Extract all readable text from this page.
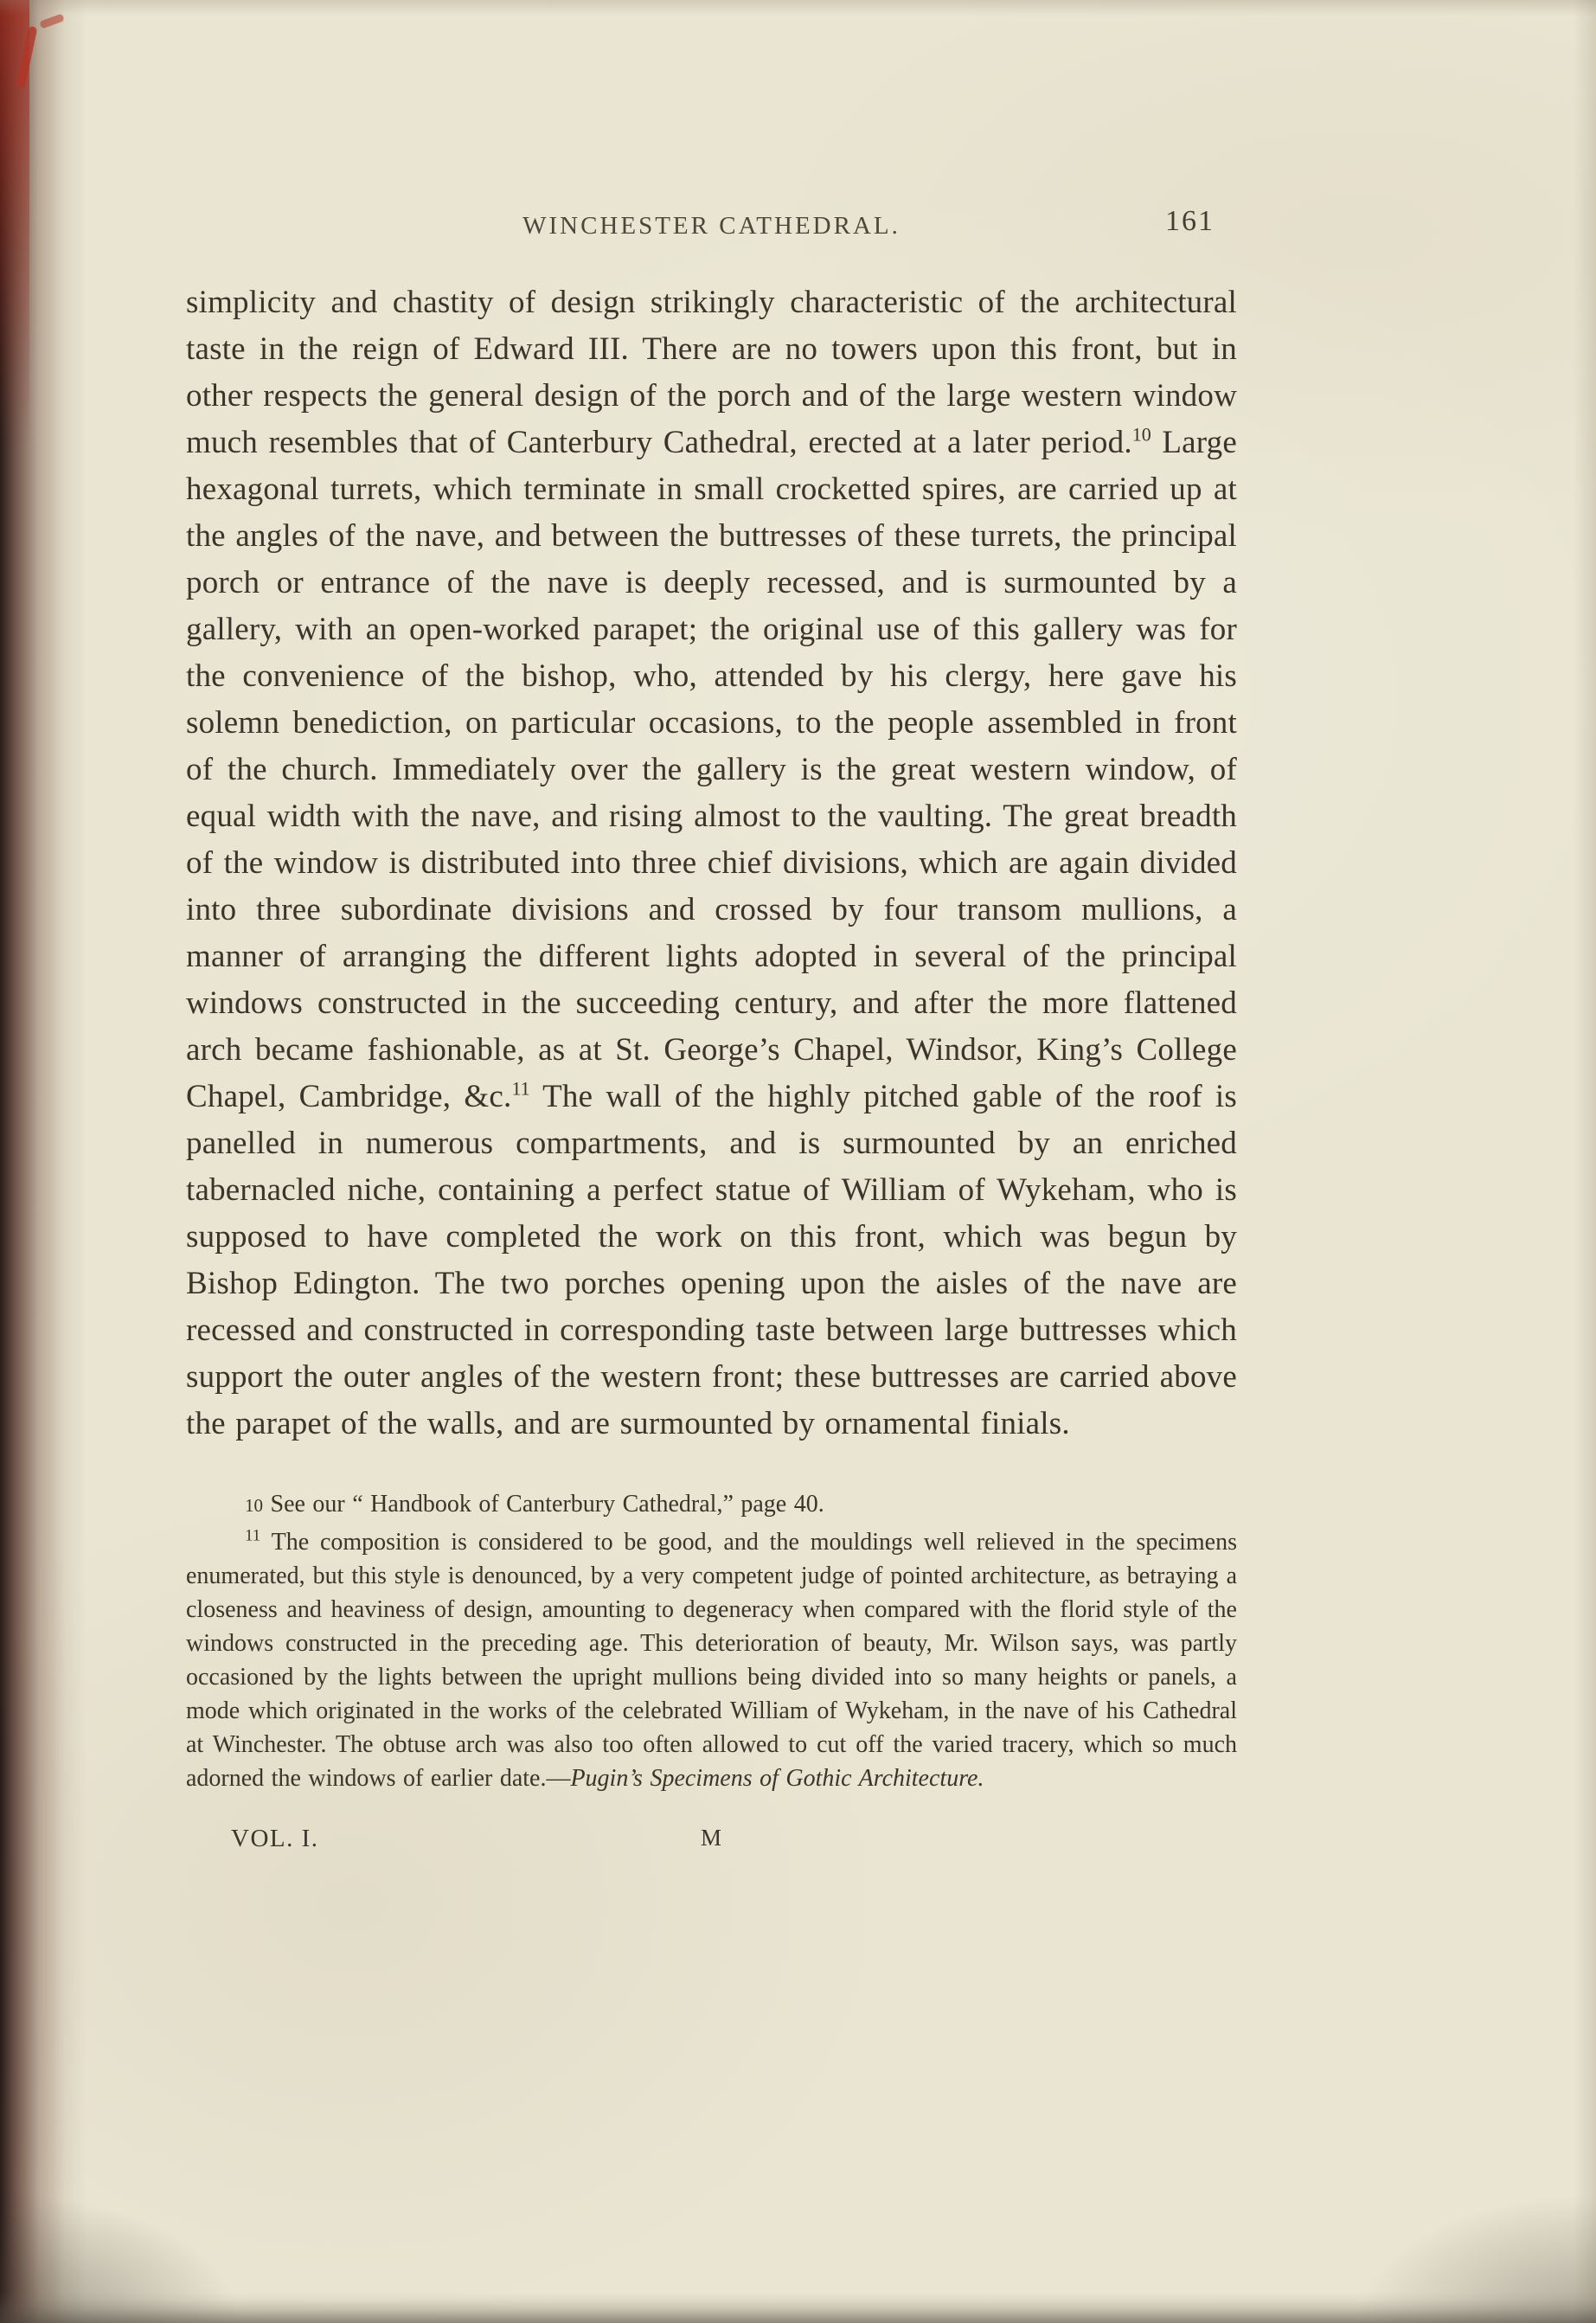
WINCHESTER CATHEDRAL.	161

simplicity and chastity of design strikingly characteristic of the architectural taste in the reign of Edward III. There are no towers upon this front, but in other respects the general design of the porch and of the large western window much resembles that of Canterbury Cathedral, erected at a later period.$^{10}$ Large hexagonal turrets, which terminate in small crocketted spires, are carried up at the angles of the nave, and between the buttresses of these turrets, the principal porch or entrance of the nave is deeply recessed, and is surmounted by a gallery, with an open-worked parapet; the original use of this gallery was for the convenience of the bishop, who, attended by his clergy, here gave his solemn benediction, on particular occasions, to the people assembled in front of the church. Immediately over the gallery is the great western window, of equal width with the nave, and rising almost to the vaulting. The great breadth of the window is distributed into three chief divisions, which are again divided into three subordinate divisions and crossed by four transom mullions, a manner of arranging the different lights adopted in several of the principal windows constructed in the succeeding century, and after the more flattened arch became fashionable, as at St. George’s Chapel, Windsor, King’s College Chapel, Cambridge, &c.$^{11}$ The wall of the highly pitched gable of the roof is panelled in numerous compartments, and is surmounted by an enriched tabernacled niche, containing a perfect statue of William of Wykeham, who is supposed to have completed the work on this front, which was begun by Bishop Edington. The two porches opening upon the aisles of the nave are recessed and constructed in corresponding taste between large buttresses which support the outer angles of the western front; these buttresses are carried above the parapet of the walls, and are surmounted by ornamental finials.

10 See our “ Handbook of Canterbury Cathedral,” page 40.

$^{11}$ The composition is considered to be good, and the mouldings well relieved in the specimens enumerated, but this style is denounced, by a very competent judge of pointed architecture, as betraying a closeness and heaviness of design, amounting to degeneracy when compared with the florid style of the windows constructed in the preceding age. This deterioration of beauty, Mr. Wilson says, was partly occasioned by the lights between the upright mullions being divided into so many heights or panels, a mode which originated in the works of the celebrated William of Wykeham, in the nave of his Cathedral at Winchester. The obtuse arch was also too often allowed to cut off the varied tracery, which so much adorned the windows of earlier date.—Pugin’s Specimens of Gothic Architecture.

VOL. I.	M
